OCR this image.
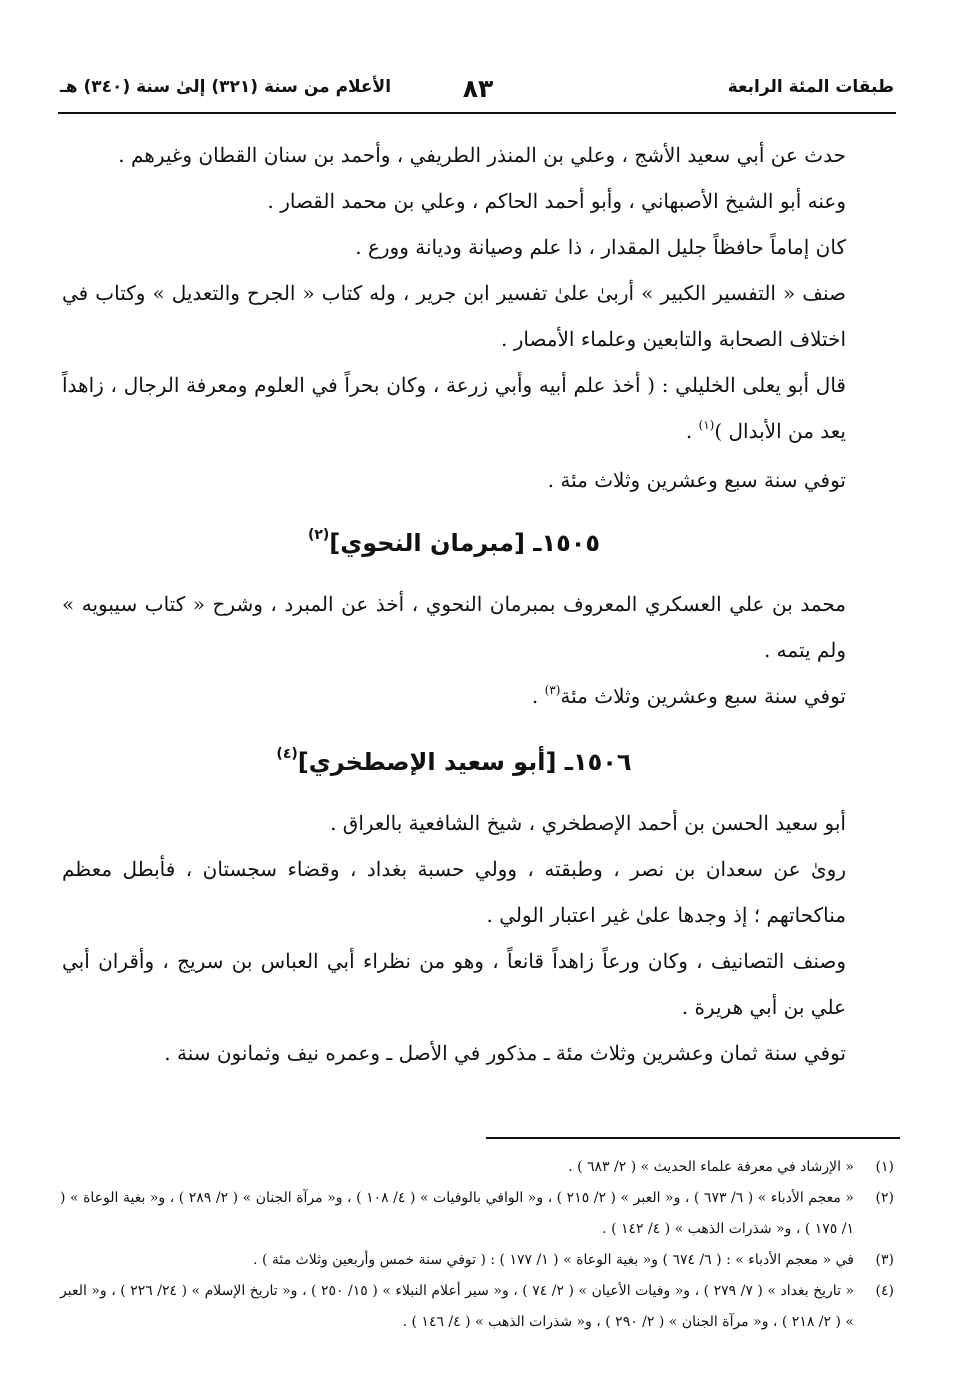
طبقات المئة الرابعة
٨٣
الأعلام من سنة (٣٢١) إلىٰ سنة (٣٤٠) هـ

حدث عن أبي سعيد الأشج ، وعلي بن المنذر الطريفي ، وأحمد بن سنان القطان وغيرهم .

وعنه أبو الشيخ الأصبهاني ، وأبو أحمد الحاكم ، وعلي بن محمد القصار .

كان إماماً حافظاً جليل المقدار ، ذا علم وصيانة وديانة وورع .

صنف « التفسير الكبير » أربىٰ علىٰ تفسير ابن جرير ، وله كتاب « الجرح والتعديل » وكتاب في اختلاف الصحابة والتابعين وعلماء الأمصار .

قال أبو يعلى الخليلي : ( أخذ علم أبيه وأبي زرعة ، وكان بحراً في العلوم ومعرفة الرجال ، زاهداً يعد من الأبدال )$^{(١)}$ .

توفي سنة سبع وعشرين وثلاث مئة .

١٥٠٥ـ [مبرمان النحوي]$^{(٢)}$

محمد بن علي العسكري المعروف بمبرمان النحوي ، أخذ عن المبرد ، وشرح « كتاب سيبويه » ولم يتمه .

توفي سنة سبع وعشرين وثلاث مئة$^{(٣)}$ .

١٥٠٦ـ [أبو سعيد الإصطخري]$^{(٤)}$

أبو سعيد الحسن بن أحمد الإصطخري ، شيخ الشافعية بالعراق .

روىٰ عن سعدان بن نصر ، وطبقته ، وولي حسبة بغداد ، وقضاء سجستان ، فأبطل معظم مناكحاتهم ؛ إذ وجدها علىٰ غير اعتبار الولي .

وصنف التصانيف ، وكان ورعاً زاهداً قانعاً ، وهو من نظراء أبي العباس بن سريج ، وأقران أبي علي بن أبي هريرة .

توفي سنة ثمان وعشرين وثلاث مئة ـ مذكور في الأصل ـ وعمره نيف وثمانون سنة .

(١)
« الإرشاد في معرفة علماء الحديث » ( ٢/ ٦٨٣ ) .
(٢)
« معجم الأدباء » ( ٦/ ٦٧٣ ) ، و« العبر » ( ٢/ ٢١٥ ) ، و« الوافي بالوفيات » ( ٤/ ١٠٨ ) ، و« مرآة الجنان » ( ٢/ ٢٨٩ ) ، و« بغية الوعاة » ( ١/ ١٧٥ ) ، و« شذرات الذهب » ( ٤/ ١٤٢ ) .
(٣)
في « معجم الأدباء » : ( ٦/ ٦٧٤ ) و« بغية الوعاة » ( ١/ ١٧٧ ) : ( توفي سنة خمس وأربعين وثلاث مئة ) .
(٤)
« تاريخ بغداد » ( ٧/ ٢٧٩ ) ، و« وفيات الأعيان » ( ٢/ ٧٤ ) ، و« سير أعلام النبلاء » ( ١٥/ ٢٥٠ ) ، و« تاريخ الإسلام » ( ٢٤/ ٢٢٦ ) ، و« العبر » ( ٢/ ٢١٨ ) ، و« مرآة الجنان » ( ٢/ ٢٩٠ ) ، و« شذرات الذهب » ( ٤/ ١٤٦ ) .
